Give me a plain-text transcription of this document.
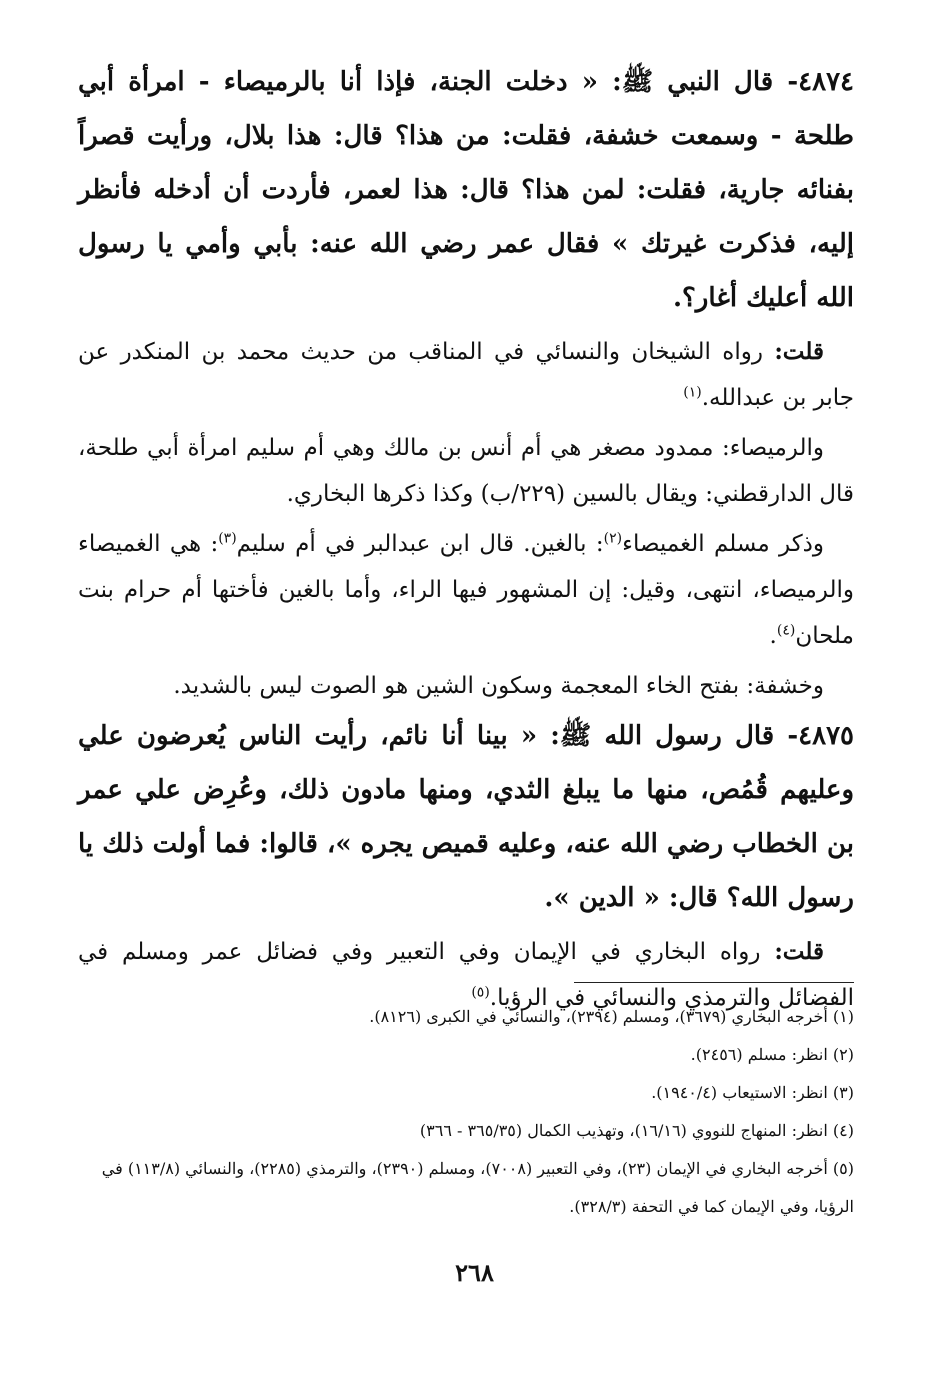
٤٨٧٤- قال النبي ﷺ: « دخلت الجنة، فإذا أنا بالرميصاء - امرأة أبي طلحة - وسمعت خشفة، فقلت: من هذا؟ قال: هذا بلال، ورأيت قصراً بفنائه جارية، فقلت: لمن هذا؟ قال: هذا لعمر، فأردت أن أدخله فأنظر إليه، فذكرت غيرتك » فقال عمر رضي الله عنه: بأبي وأمي يا رسول الله أعليك أغار؟.

قلت: رواه الشيخان والنسائي في المناقب من حديث محمد بن المنكدر عن جابر بن عبدالله.$^{(١)}$

والرميصاء: ممدود مصغر هي أم أنس بن مالك وهي أم سليم امرأة أبي طلحة، قال الدارقطني: ويقال بالسين (٢٢٩/ب) وكذا ذكرها البخاري.

وذكر مسلم الغميصاء$^{(٢)}$: بالغين. قال ابن عبدالبر في أم سليم$^{(٣)}$: هي الغميصاء والرميصاء، انتهى، وقيل: إن المشهور فيها الراء، وأما بالغين فأختها أم حرام بنت ملحان$^{(٤)}$.

وخشفة: بفتح الخاء المعجمة وسكون الشين هو الصوت ليس بالشديد.

٤٨٧٥- قال رسول الله ﷺ: « بينا أنا نائم، رأيت الناس يُعرضون علي وعليهم قُمُص، منها ما يبلغ الثدي، ومنها مادون ذلك، وعُرِض علي عمر بن الخطاب رضي الله عنه، وعليه قميص يجره »، قالوا: فما أولت ذلك يا رسول الله؟ قال: « الدين ».

قلت: رواه البخاري في الإيمان وفي التعبير وفي فضائل عمر ومسلم في الفضائل والترمذي والنسائي في الرؤيا.$^{(٥)}$

(١) أخرجه البخاري (٣٦٧٩)، ومسلم (٢٣٩٤)، والنسائي في الكبرى (٨١٢٦).

(٢) انظر: مسلم (٢٤٥٦).

(٣) انظر: الاستيعاب (١٩٤٠/٤).

(٤) انظر: المنهاج للنووي (١٦/١٦)، وتهذيب الكمال (٣٦٥/٣٥ - ٣٦٦)

(٥) أخرجه البخاري في الإيمان (٢٣)، وفي التعبير (٧٠٠٨)، ومسلم (٢٣٩٠)، والترمذي (٢٢٨٥)، والنسائي (١١٣/٨) في الرؤيا، وفي الإيمان كما في التحفة (٣٢٨/٣).

٢٦٨
